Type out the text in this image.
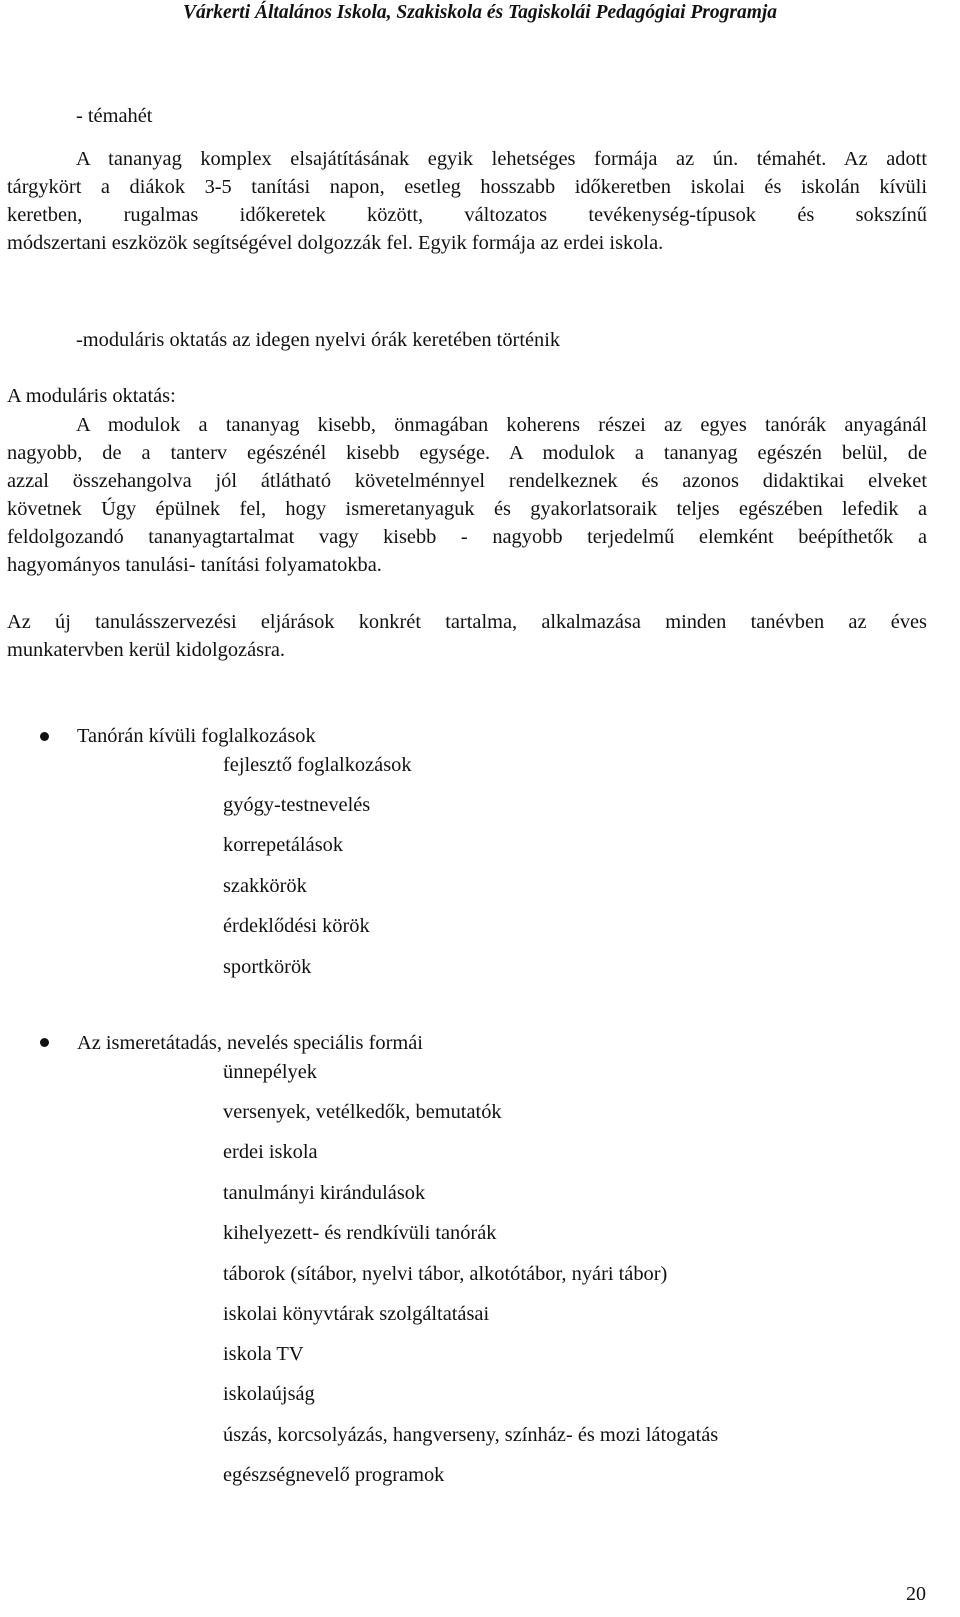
Várkerti Általános Iskola, Szakiskola és Tagiskolái Pedagógiai Programja
- témahét
A tananyag komplex elsajátításának egyik lehetséges formája az ún. témahét. Az adott
tárgykört a diákok 3-5 tanítási napon, esetleg hosszabb időkeretben iskolai és iskolán kívüli
keretben, rugalmas időkeretek között, változatos tevékenység-típusok és sokszínű
módszertani eszközök segítségével dolgozzák fel. Egyik formája az erdei iskola.
-moduláris oktatás az idegen nyelvi órák keretében történik
A moduláris oktatás:
A modulok a tananyag kisebb, önmagában koherens részei az egyes tanórák anyagánál
nagyobb, de a tanterv egészénél kisebb egysége. A modulok a tananyag egészén belül, de
azzal összehangolva jól átlátható követelménnyel rendelkeznek és azonos didaktikai elveket
követnek Úgy épülnek fel, hogy ismeretanyaguk és gyakorlatsoraik teljes egészében lefedik a
feldolgozandó tananyagtartalmat vagy kisebb - nagyobb terjedelmű elemként beépíthetők a
hagyományos tanulási- tanítási folyamatokba.
Az új tanulásszervezési eljárások konkrét tartalma, alkalmazása minden tanévben az éves
munkatervben kerül kidolgozásra.
Tanórán kívüli foglalkozások
fejlesztő foglalkozások
gyógy-testnevelés
korrepetálások
szakkörök
érdeklődési körök
sportkörök
Az ismeretátadás, nevelés speciális formái
ünnepélyek
versenyek, vetélkedők, bemutatók
erdei iskola
tanulmányi kirándulások
kihelyezett- és rendkívüli tanórák
táborok (sítábor, nyelvi tábor, alkotótábor, nyári tábor)
iskolai könyvtárak szolgáltatásai
iskola TV
iskolaújság
úszás, korcsolyázás, hangverseny, színház- és mozi látogatás
egészségnevelő programok
20
